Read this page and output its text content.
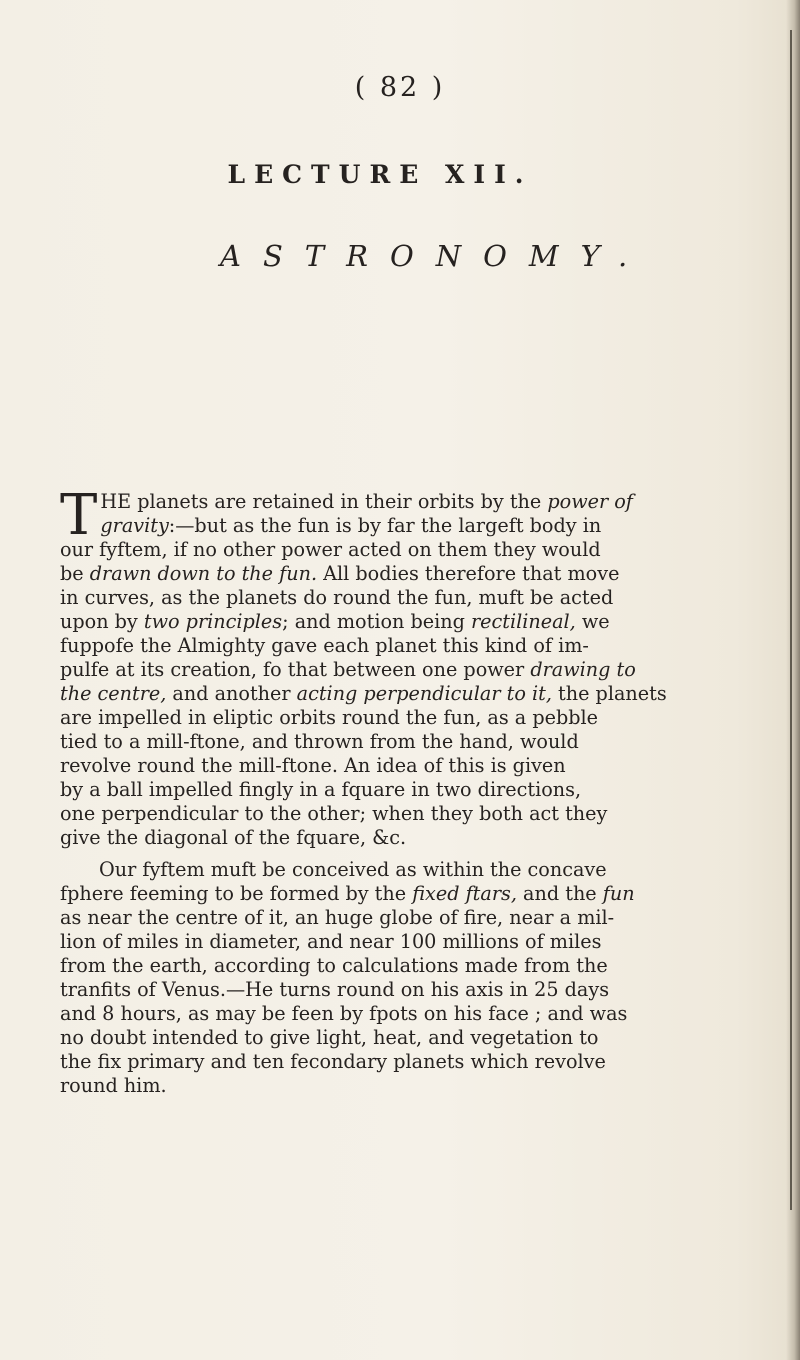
( 82 )
LECTURE XII.
ASTRONOMY.
T HE planets are retained in their orbits by the power of
gravity:—but as the fun is by far the largeft body in
our fyftem, if no other power acted on them they would
be drawn down to the fun. All bodies therefore that move
in curves, as the planets do round the fun, muft be acted
upon by two principles; and motion being rectilineal, we
fuppofe the Almighty gave each planet this kind of im-
pulfe at its creation, fo that between one power drawing to
the centre, and another acting perpendicular to it, the planets
are impelled in eliptic orbits round the fun, as a pebble
tied to a mill-ftone, and thrown from the hand, would
revolve round the mill-ftone. An idea of this is given
by a ball impelled fingly in a fquare in two directions,
one perpendicular to the other; when they both act they
give the diagonal of the fquare, &c.
Our fyftem muft be conceived as within the concave
fphere feeming to be formed by the fixed ftars, and the fun
as near the centre of it, an huge globe of fire, near a mil-
lion of miles in diameter, and near 100 millions of miles
from the earth, according to calculations made from the
tranfits of Venus.—He turns round on his axis in 25 days
and 8 hours, as may be feen by fpots on his face ; and was
no doubt intended to give light, heat, and vegetation to
the fix primary and ten fecondary planets which revolve
round him.
